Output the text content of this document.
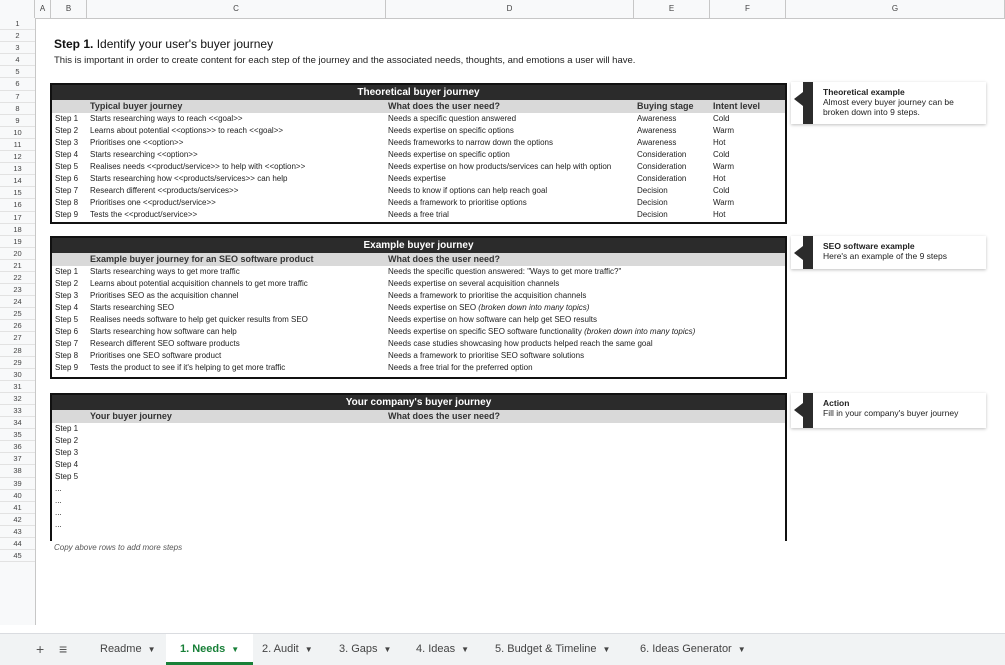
A	B	C	D	E	F	G
1
2
3
4
5
6
7
8
9
10
11
12
13
14
15
16
17
18
19
20
21
22
23
24
25
26
27
28
29
30
31
32
33
34
35
36
37
38
39
40
41
42
43
44
45
Step 1. Identify your user's buyer journey
This is important in order to create content for each step of the journey and the associated needs, thoughts, and emotions a user will have.
Theoretical buyer journey
Typical buyer journey	What does the user need?	Buying stage Intent level
Step 1 Starts researching ways to reach <<goal>>	Needs a specific question answered	Awareness	Cold
Step 2 Learns about potential <<options>> to reach <<goal>>	Needs expertise on specific options	Awareness	Warm
Step 3 Prioritises one <<option>>	Needs frameworks to narrow down the options	Awareness	Hot
Step 4 Starts researching <<option>>	Needs expertise on specific option	Consideration	Cold
Step 5 Realises needs <<product/service>> to help with <<option>>	Needs expertise on how products/services can help with option	Consideration	Warm
Step 6 Starts researching how <<products/services>> can help	Needs expertise	Consideration	Hot
Step 7 Research different <<products/services>>	Needs to know if options can help reach goal	Decision	Cold
Step 8 Prioritises one <<product/service>>	Needs a framework to prioritise options	Decision	Warm
Step 9 Tests the <<product/service>>	Needs a free trial	Decision	Hot
Example buyer journey
Example buyer journey for an SEO software product	What does the user need?
Step 1 Starts researching ways to get more traffic	Needs the specific question answered: "Ways to get more traffic?"
Step 2 Learns about potential acquisition channels to get more traffic	Needs expertise on several acquisition channels
Step 3 Prioritises SEO as the acquisition channel	Needs a framework to prioritise the acquisition channels
Step 4 Starts researching SEO	Needs expertise on SEO (broken down into many topics)
Step 5 Realises needs software to help get quicker results from SEO	Needs expertise on how software can help get SEO results
Step 6 Starts researching how software can help	Needs expertise on specific SEO software functionality (broken down into many topics)
Step 7 Research different SEO software products	Needs case studies showcasing how products helped reach the same goal
Step 8 Prioritises one SEO software product	Needs a framework to prioritise SEO software solutions
Step 9 Tests the product to see if it's helping to get more traffic	Needs a free trial for the preferred option
Your company's buyer journey
Your buyer journey	What does the user need?
Step 1
Step 2
Step 3
Step 4
Step 5
...
...
...
...
Theoretical example
Almost every buyer journey can be broken down into 9 steps.
SEO software example
Here's an example of the 9 steps
Action
Fill in your company's buyer journey
Copy above rows to add more steps
+ ≡	Readme ▼	1. Needs ▼	2. Audit ▼	3. Gaps ▼	4. Ideas ▼	5. Budget & Timeline ▼	6. Ideas Generator ▼
